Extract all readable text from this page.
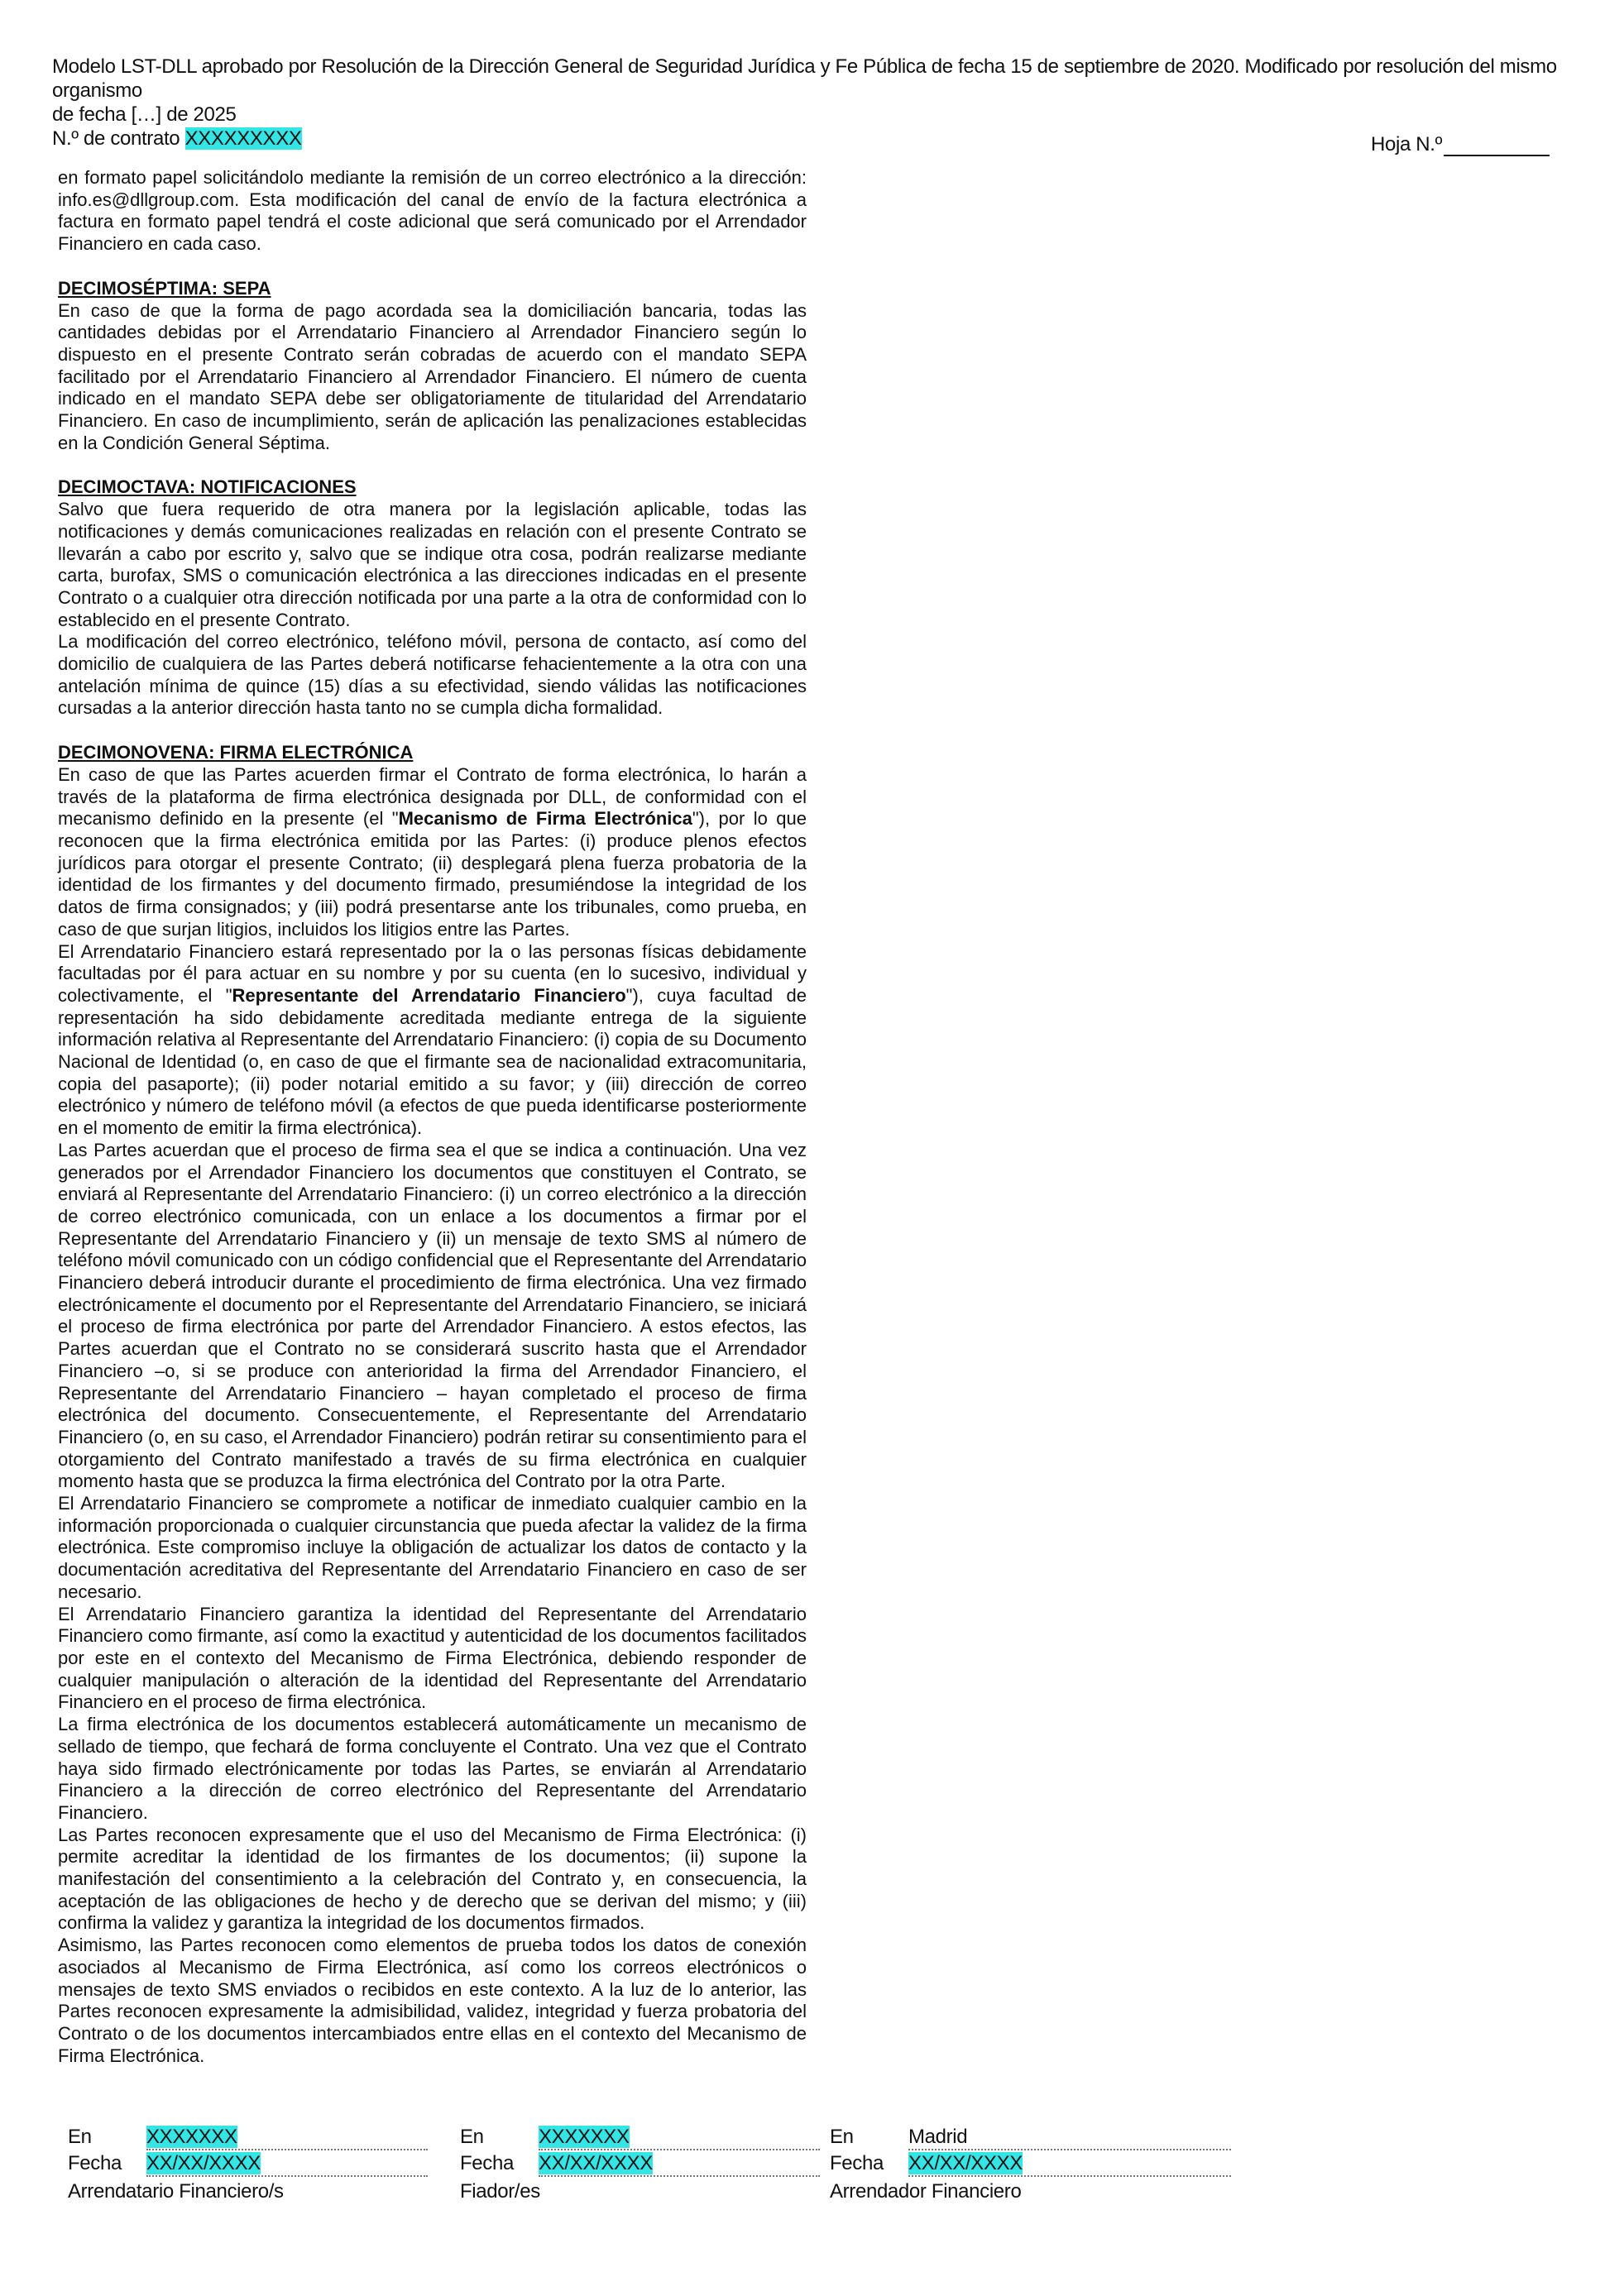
Modelo LST-DLL aprobado por Resolución de la Dirección General de Seguridad Jurídica y Fe Pública de fecha 15 de septiembre de 2020. Modificado por resolución del mismo organismo
de fecha […] de 2025
N.º de contrato XXXXXXXXX	Hoja N.º

en formato papel solicitándolo mediante la remisión de un correo electrónico a la dirección: info.es@dllgroup.com. Esta modificación del canal de envío de la factura electrónica a factura en formato papel tendrá el coste adicional que será comunicado por el Arrendador Financiero en cada caso.

DECIMOSÉPTIMA: SEPA

En caso de que la forma de pago acordada sea la domiciliación bancaria, todas las cantidades debidas por el Arrendatario Financiero al Arrendador Financiero según lo dispuesto en el presente Contrato serán cobradas de acuerdo con el mandato SEPA facilitado por el Arrendatario Financiero al Arrendador Financiero. El número de cuenta indicado en el mandato SEPA debe ser obligatoriamente de titularidad del Arrendatario Financiero. En caso de incumplimiento, serán de aplicación las penalizaciones establecidas en la Condición General Séptima.

DECIMOCTAVA: NOTIFICACIONES

Salvo que fuera requerido de otra manera por la legislación aplicable, todas las notificaciones y demás comunicaciones realizadas en relación con el presente Contrato se llevarán a cabo por escrito y, salvo que se indique otra cosa, podrán realizarse mediante carta, burofax, SMS o comunicación electrónica a las direcciones indicadas en el presente Contrato o a cualquier otra dirección notificada por una parte a la otra de conformidad con lo establecido en el presente Contrato.

La modificación del correo electrónico, teléfono móvil, persona de contacto, así como del domicilio de cualquiera de las Partes deberá notificarse fehacientemente a la otra con una antelación mínima de quince (15) días a su efectividad, siendo válidas las notificaciones cursadas a la anterior dirección hasta tanto no se cumpla dicha formalidad.

DECIMONOVENA: FIRMA ELECTRÓNICA

En caso de que las Partes acuerden firmar el Contrato de forma electrónica, lo harán a través de la plataforma de firma electrónica designada por DLL, de conformidad con el mecanismo definido en la presente (el "Mecanismo de Firma Electrónica"), por lo que reconocen que la firma electrónica emitida por las Partes: (i) produce plenos efectos jurídicos para otorgar el presente Contrato; (ii) desplegará plena fuerza probatoria de la identidad de los firmantes y del documento firmado, presumiéndose la integridad de los datos de firma consignados; y (iii) podrá presentarse ante los tribunales, como prueba, en caso de que surjan litigios, incluidos los litigios entre las Partes.

El Arrendatario Financiero estará representado por la o las personas físicas debidamente facultadas por él para actuar en su nombre y por su cuenta (en lo sucesivo, individual y colectivamente, el "Representante del Arrendatario Financiero"), cuya facultad de representación ha sido debidamente acreditada mediante entrega de la siguiente información relativa al Representante del Arrendatario Financiero: (i) copia de su Documento Nacional de Identidad (o, en caso de que el firmante sea de nacionalidad extracomunitaria, copia del pasaporte); (ii) poder notarial emitido a su favor; y (iii) dirección de correo electrónico y número de teléfono móvil (a efectos de que pueda identificarse posteriormente en el momento de emitir la firma electrónica).

Las Partes acuerdan que el proceso de firma sea el que se indica a continuación. Una vez generados por el Arrendador Financiero los documentos que constituyen el Contrato, se enviará al Representante del Arrendatario Financiero: (i) un correo electrónico a la dirección de correo electrónico comunicada, con un enlace a los documentos a firmar por el Representante del Arrendatario Financiero y (ii) un mensaje de texto SMS al número de teléfono móvil comunicado con un código confidencial que el Representante del Arrendatario Financiero deberá introducir durante el procedimiento de firma electrónica. Una vez firmado electrónicamente el documento por el Representante del Arrendatario Financiero, se iniciará el proceso de firma electrónica por parte del Arrendador Financiero. A estos efectos, las Partes acuerdan que el Contrato no se considerará suscrito hasta que el Arrendador Financiero –o, si se produce con anterioridad la firma del Arrendador Financiero, el Representante del Arrendatario Financiero – hayan completado el proceso de firma electrónica del documento. Consecuentemente, el Representante del Arrendatario Financiero (o, en su caso, el Arrendador Financiero) podrán retirar su consentimiento para el otorgamiento del Contrato manifestado a través de su firma electrónica en cualquier momento hasta que se produzca la firma electrónica del Contrato por la otra Parte.

El Arrendatario Financiero se compromete a notificar de inmediato cualquier cambio en la información proporcionada o cualquier circunstancia que pueda afectar la validez de la firma electrónica. Este compromiso incluye la obligación de actualizar los datos de contacto y la documentación acreditativa del Representante del Arrendatario Financiero en caso de ser necesario.

El Arrendatario Financiero garantiza la identidad del Representante del Arrendatario Financiero como firmante, así como la exactitud y autenticidad de los documentos facilitados por este en el contexto del Mecanismo de Firma Electrónica, debiendo responder de cualquier manipulación o alteración de la identidad del Representante del Arrendatario Financiero en el proceso de firma electrónica.

La firma electrónica de los documentos establecerá automáticamente un mecanismo de sellado de tiempo, que fechará de forma concluyente el Contrato. Una vez que el Contrato haya sido firmado electrónicamente por todas las Partes, se enviarán al Arrendatario Financiero a la dirección de correo electrónico del Representante del Arrendatario Financiero.

Las Partes reconocen expresamente que el uso del Mecanismo de Firma Electrónica: (i) permite acreditar la identidad de los firmantes de los documentos; (ii) supone la manifestación del consentimiento a la celebración del Contrato y, en consecuencia, la aceptación de las obligaciones de hecho y de derecho que se derivan del mismo; y (iii) confirma la validez y garantiza la integridad de los documentos firmados.

Asimismo, las Partes reconocen como elementos de prueba todos los datos de conexión asociados al Mecanismo de Firma Electrónica, así como los correos electrónicos o mensajes de texto SMS enviados o recibidos en este contexto. A la luz de lo anterior, las Partes reconocen expresamente la admisibilidad, validez, integridad y fuerza probatoria del Contrato o de los documentos intercambiados entre ellas en el contexto del Mecanismo de Firma Electrónica.

En	XXXXXXX
Fecha	XX/XX/XXXX
Arrendatario Financiero/s
En	XXXXXXX
Fecha	XX/XX/XXXX
Fiador/es
En	Madrid
Fecha	XX/XX/XXXX
Arrendador Financiero
